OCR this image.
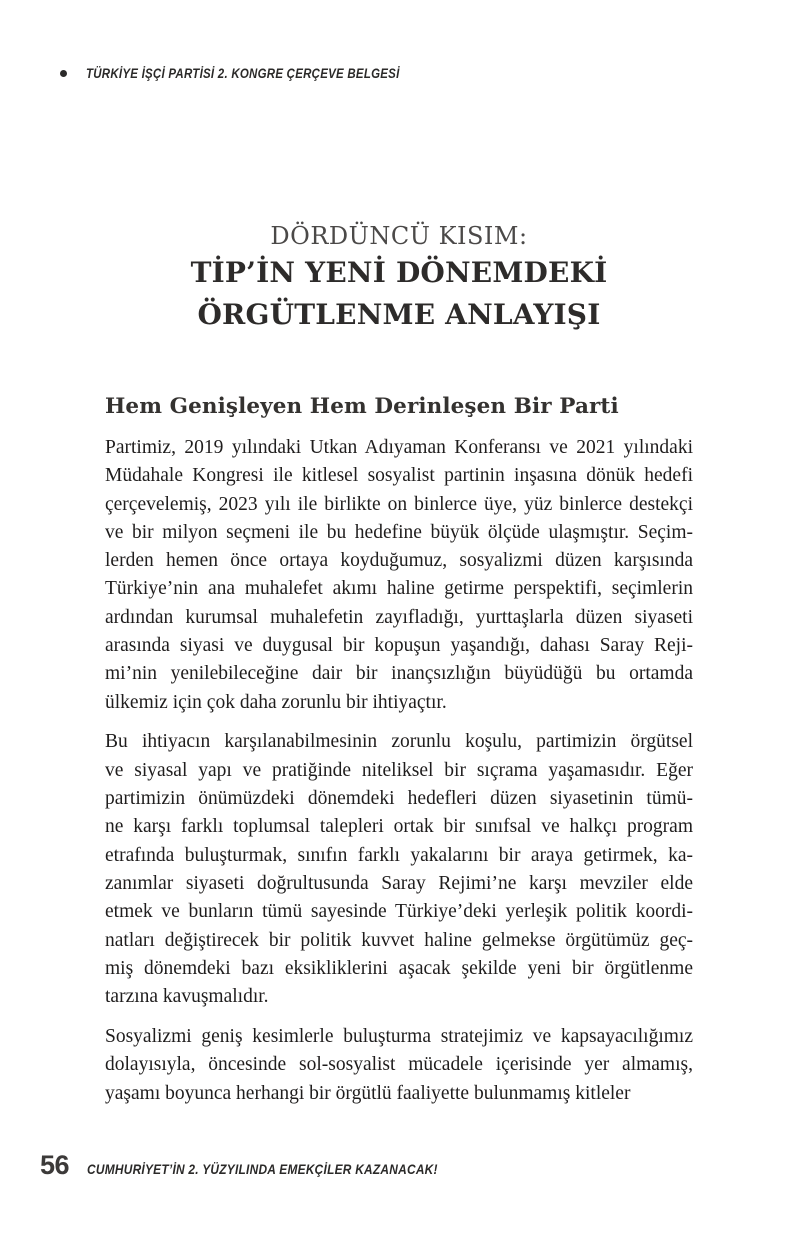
TÜRKİYE İŞÇİ PARTİSİ 2. KONGRE ÇERÇEVE BELGESİ
DÖRDÜNCÜ KISIM:
TİP’İN YENİ DÖNEMDEKİ
ÖRGÜTLENME ANLAYIŞI
Hem Genişleyen Hem Derinleşen Bir Parti
Partimiz, 2019 yılındaki Utkan Adıyaman Konferansı ve 2021 yılındaki
Müdahale Kongresi ile kitlesel sosyalist partinin inşasına dönük hedefi
çerçevelemiş, 2023 yılı ile birlikte on binlerce üye, yüz binlerce destekçi
ve bir milyon seçmeni ile bu hedefine büyük ölçüde ulaşmıştır. Seçim-
lerden hemen önce ortaya koyduğumuz, sosyalizmi düzen karşısında
Türkiye’nin ana muhalefet akımı haline getirme perspektifi, seçimlerin
ardından kurumsal muhalefetin zayıfladığı, yurttaşlarla düzen siyaseti
arasında siyasi ve duygusal bir kopuşun yaşandığı, dahası Saray Reji-
mi’nin yenilebileceğine dair bir inançsızlığın büyüdüğü bu ortamda
ülkemiz için çok daha zorunlu bir ihtiyaçtır.
Bu ihtiyacın karşılanabilmesinin zorunlu koşulu, partimizin örgütsel
ve siyasal yapı ve pratiğinde niteliksel bir sıçrama yaşamasıdır. Eğer
partimizin önümüzdeki dönemdeki hedefleri düzen siyasetinin tümü-
ne karşı farklı toplumsal talepleri ortak bir sınıfsal ve halkçı program
etrafında buluşturmak, sınıfın farklı yakalarını bir araya getirmek, ka-
zanımlar siyaseti doğrultusunda Saray Rejimi’ne karşı mevziler elde
etmek ve bunların tümü sayesinde Türkiye’deki yerleşik politik koordi-
natları değiştirecek bir politik kuvvet haline gelmekse örgütümüz geç-
miş dönemdeki bazı eksikliklerini aşacak şekilde yeni bir örgütlenme
tarzına kavuşmalıdır.
Sosyalizmi geniş kesimlerle buluşturma stratejimiz ve kapsayacılığımız
dolayısıyla, öncesinde sol-sosyalist mücadele içerisinde yer almamış,
yaşamı boyunca herhangi bir örgütlü faaliyette bulunmamış kitleler
56 CUMHURİYET’İN 2. YÜZYILINDA EMEKÇİLER KAZANACAK!
